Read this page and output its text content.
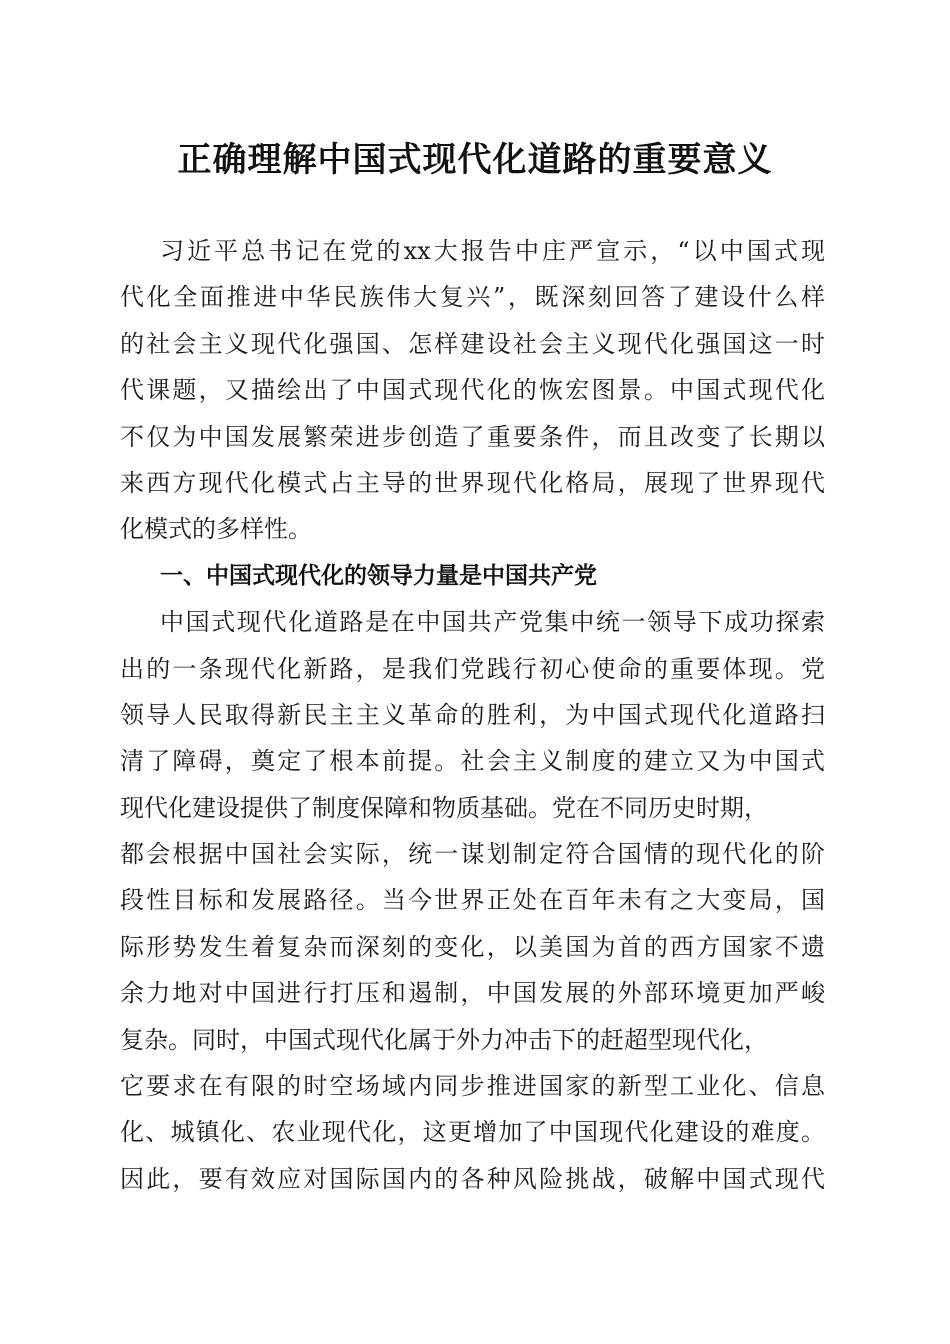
正确理解中国式现代化道路的重要意义
习近平总书记在党的xx大报告中庄严宣示，“以中国式现
代化全面推进中华民族伟大复兴”，既深刻回答了建设什么样
的社会主义现代化强国、怎样建设社会主义现代化强国这一时
代课题，又描绘出了中国式现代化的恢宏图景。中国式现代化
不仅为中国发展繁荣进步创造了重要条件，而且改变了长期以
来西方现代化模式占主导的世界现代化格局，展现了世界现代
化模式的多样性。
一、中国式现代化的领导力量是中国共产党
中国式现代化道路是在中国共产党集中统一领导下成功探索
出的一条现代化新路，是我们党践行初心使命的重要体现。党
领导人民取得新民主主义革命的胜利，为中国式现代化道路扫
清了障碍，奠定了根本前提。社会主义制度的建立又为中国式
现代化建设提供了制度保障和物质基础。党在不同历史时期，
都会根据中国社会实际，统一谋划制定符合国情的现代化的阶
段性目标和发展路径。当今世界正处在百年未有之大变局，国
际形势发生着复杂而深刻的变化，以美国为首的西方国家不遗
余力地对中国进行打压和遏制，中国发展的外部环境更加严峻
复杂。同时，中国式现代化属于外力冲击下的赶超型现代化，
它要求在有限的时空场域内同步推进国家的新型工业化、信息
化、城镇化、农业现代化，这更增加了中国现代化建设的难度。
因此，要有效应对国际国内的各种风险挑战，破解中国式现代
